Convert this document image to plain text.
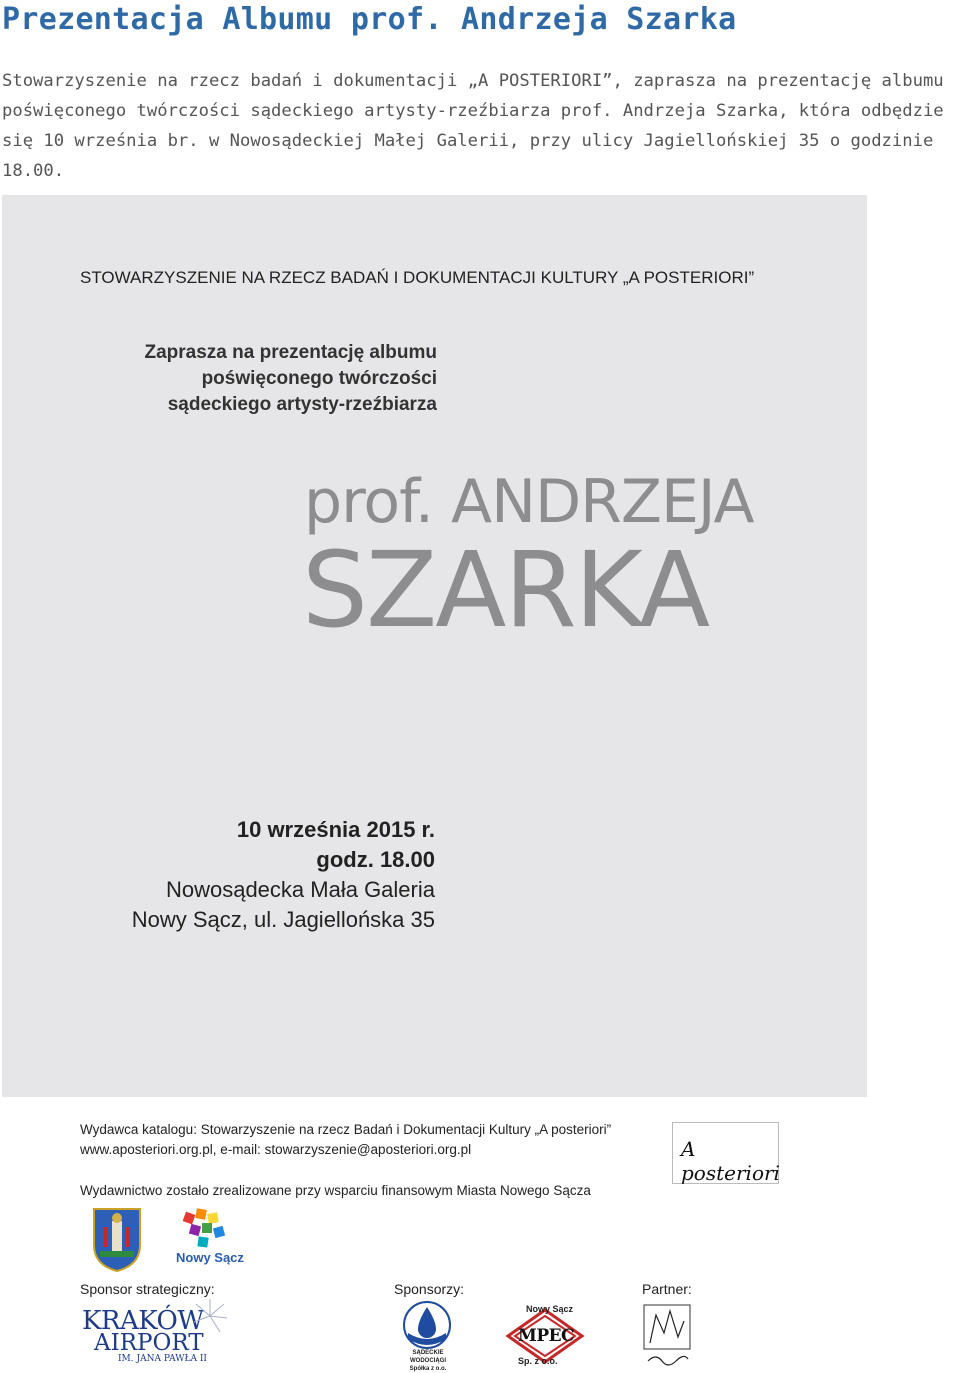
Prezentacja Albumu prof. Andrzeja Szarka
Stowarzyszenie na rzecz badań i dokumentacji „A POSTERIORI”, zaprasza na prezentację albumu
poświęconego twórczości sądeckiego artysty-rzeźbiarza prof. Andrzeja Szarka, która odbędzie
się 10 września br. w Nowosądeckiej Małej Galerii, przy ulicy Jagiellońskiej 35 o godzinie
18.00.
STOWARZYSZENIE NA RZECZ BADAŃ I DOKUMENTACJI KULTURY „A POSTERIORI”
Zaprasza na prezentację albumu
poświęconego twórczości
sądeckiego artysty-rzeźbiarza
prof. ANDRZEJA
SZARKA
10 września 2015 r.
godz. 18.00
Nowosądecka Mała Galeria
Nowy Sącz, ul. Jagiellońska 35
Wydawca katalogu: Stowarzyszenie na rzecz Badań i Dokumentacji Kultury „A posteriori”
www.aposteriori.org.pl, e-mail: stowarzyszenie@aposteriori.org.pl	A posteriori
Wydawnictwo zostało zrealizowane przy wsparciu finansowym Miasta Nowego Sącza
Nowy Sącz
Sponsor strategiczny:	Sponsorzy:	Partner:
KRAKÓW
AIRPORT
IM. JANA PAWŁA II
SĄDECKIE WODOCIĄGI
Spółka z o.o.
Nowy Sącz
MPEC
Sp. z o.o.
